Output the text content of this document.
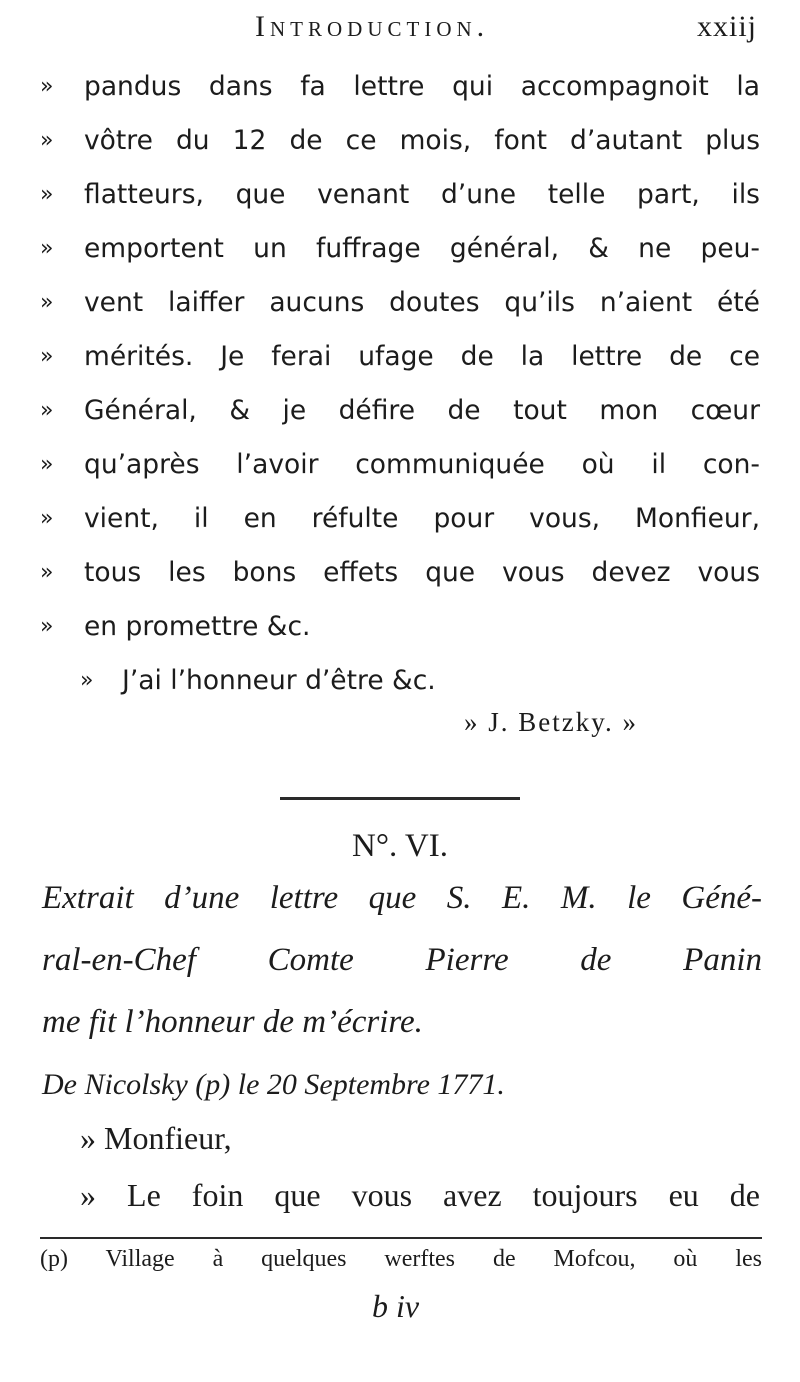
Introduction.	xxiij
»	pandus dans fa lettre qui accompagnoit la
»	vôtre du 12 de ce mois, font d’autant plus
»	flatteurs, que venant d’une telle part, ils
»	emportent un fuffrage général, & ne peu-
»	vent laiffer aucuns doutes qu’ils n’aient été
»	mérités. Je ferai ufage de la lettre de ce
»	Général, & je défire de tout mon cœur
»	qu’après l’avoir communiquée où il con-
»	vient, il en réfulte pour vous, Monfieur,
»	tous les bons effets que vous devez vous
»	en promettre &c.
»	J’ai l’honneur d’être &c.
» J. Betzky. »
N°. VI.
Extrait d’une lettre que S. E. M. le Géné-
ral-en-Chef Comte Pierre de Panin
me fit l’honneur de m’écrire.
De Nicolsky (p) le 20 Septembre 1771.
» Monfieur,
» Le foin que vous avez toujours eu de
(p) Village à quelques werftes de Mofcou, où les
b iv
